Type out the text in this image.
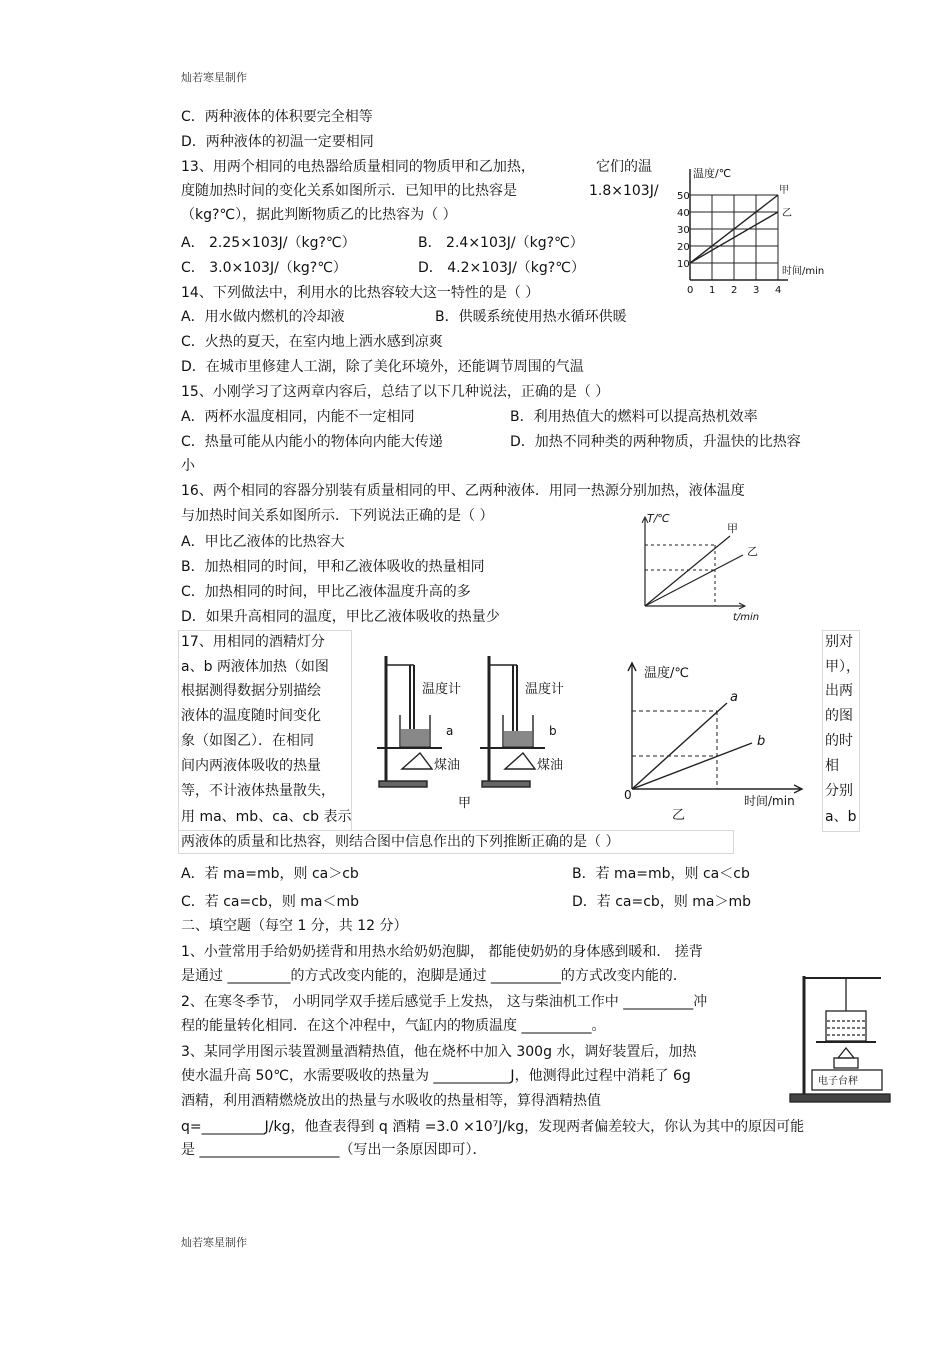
灿若寒星制作
灿若寒星制作
C．两种液体的体积要完全相等
D．两种液体的初温一定要相同
13、用两个相同的电热器给质量相同的物质甲和乙加热，	它们的温
度随加热时间的变化关系如图所示．已知甲的比热容是	1.8×103J/
（kg?℃），据此判断物质乙的比热容为（ ）
A． 2.25×103J/（kg?℃）	B． 2.4×103J/（kg?℃）
C． 3.0×103J/（kg?℃）	D． 4.2×103J/（kg?℃）
14、下列做法中，利用水的比热容较大这一特性的是（ ）
A．用水做内燃机的冷却液	B．供暖系统使用热水循环供暖
C．火热的夏天，在室内地上洒水感到凉爽
D．在城市里修建人工湖，除了美化环境外，还能调节周围的气温
15、小刚学习了这两章内容后，总结了以下几种说法，正确的是（ ）
A．两杯水温度相同，内能不一定相同	B．利用热值大的燃料可以提高热机效率
C．热量可能从内能小的物体向内能大传递	D．加热不同种类的两种物质，升温快的比热容
小
16、两个相同的容器分别装有质量相同的甲、乙两种液体．用同一热源分别加热，液体温度
与加热时间关系如图所示．下列说法正确的是（ ）
A．甲比乙液体的比热容大
B．加热相同的时间，甲和乙液体吸收的热量相同
C．加热相同的时间，甲比乙液体温度升高的多
D．如果升高相同的温度，甲比乙液体吸收的热量少
17、用相同的酒精灯分
a、b 两液体加热（如图
根据测得数据分别描绘
液体的温度随时间变化
象（如图乙）．在相同
间内两液体吸收的热量
等，不计液体热量散失，
用 ma、mb、ca、cb 表示
别对
甲），
出两
的图
的时
相
分别
a、b
两液体的质量和比热容，则结合图中信息作出的下列推断正确的是（ ）
A．若 ma=mb，则 ca＞cb	B．若 ma=mb，则 ca＜cb
C．若 ca=cb，则 ma＜mb	D．若 ca=cb，则 ma＞mb
二、填空题（每空 1 分，共 12 分）
1、小萱常用手给奶奶搓背和用热水给奶奶泡脚， 都能使奶奶的身体感到暖和． 搓背
是通过 _________的方式改变内能的，泡脚是通过 __________的方式改变内能的．
2、在寒冬季节， 小明同学双手搓后感觉手上发热， 这与柴油机工作中 __________冲
程的能量转化相同．在这个冲程中，气缸内的物质温度 __________。
3、某同学用图示装置测量酒精热值，他在烧杯中加入 300g 水，调好装置后，加热
使水温升高 50℃，水需要吸收的热量为 ___________J，他测得此过程中消耗了 6g
酒精，利用酒精燃烧放出的热量与水吸收的热量相等，算得酒精热值
q=_________J/kg，他查表得到 q 酒精 =3.0 ×10⁷J/kg，发现两者偏差较大，你认为其中的原因可能
是 ____________________（写出一条原因即可）．
温度/℃
时间/min
甲
乙
50
40
30
20
10
0 1 2 3 4
T/℃
t/min
甲
乙
温度计	温度计
a	b
煤油	煤油
甲
乙
温度/℃
时间/min
0
a
b
电子台秤
